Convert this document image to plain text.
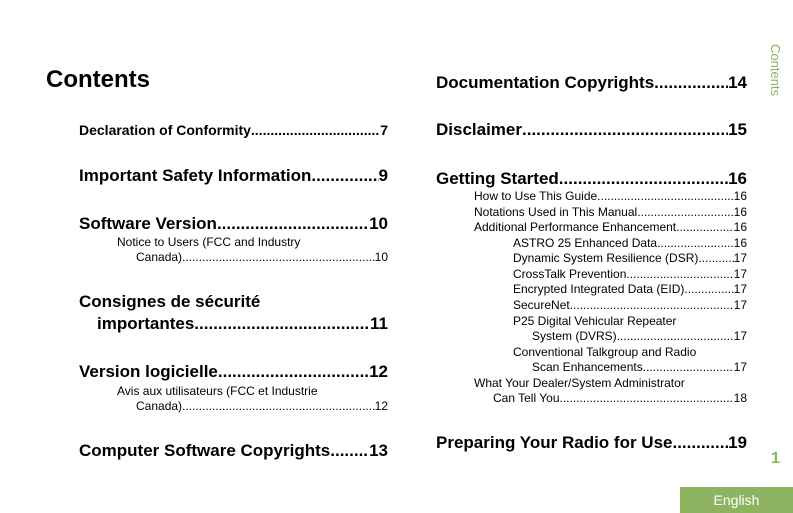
Contents	Contents
1
English
Declaration of Conformity .....	7
Important Safety Information .....	9
Software Version .....	10
Notice to Users (FCC and Industry
Canada) .....	10
Consignes de sécurité
importantes .....	11
Version logicielle .....	12
Avis aux utilisateurs (FCC et Industrie
Canada) .....	12
Computer Software Copyrights ..... 13
Documentation Copyrights .....	14
Disclaimer .....	15
Getting Started .....	16
How to Use This Guide .....	16
Notations Used in This Manual .....	16
Additional Performance Enhancement .....	16
ASTRO 25 Enhanced Data .....	16
Dynamic System Resilience (DSR) .....	17
CrossTalk Prevention .....	17
Encrypted Integrated Data (EID) .....	17
SecureNet .....	17
P25 Digital Vehicular Repeater
System (DVRS) .....	17
Conventional Talkgroup and Radio
Scan Enhancements .....	17
What Your Dealer/System Administrator
Can Tell You .....	18
Preparing Your Radio for Use .....	19
